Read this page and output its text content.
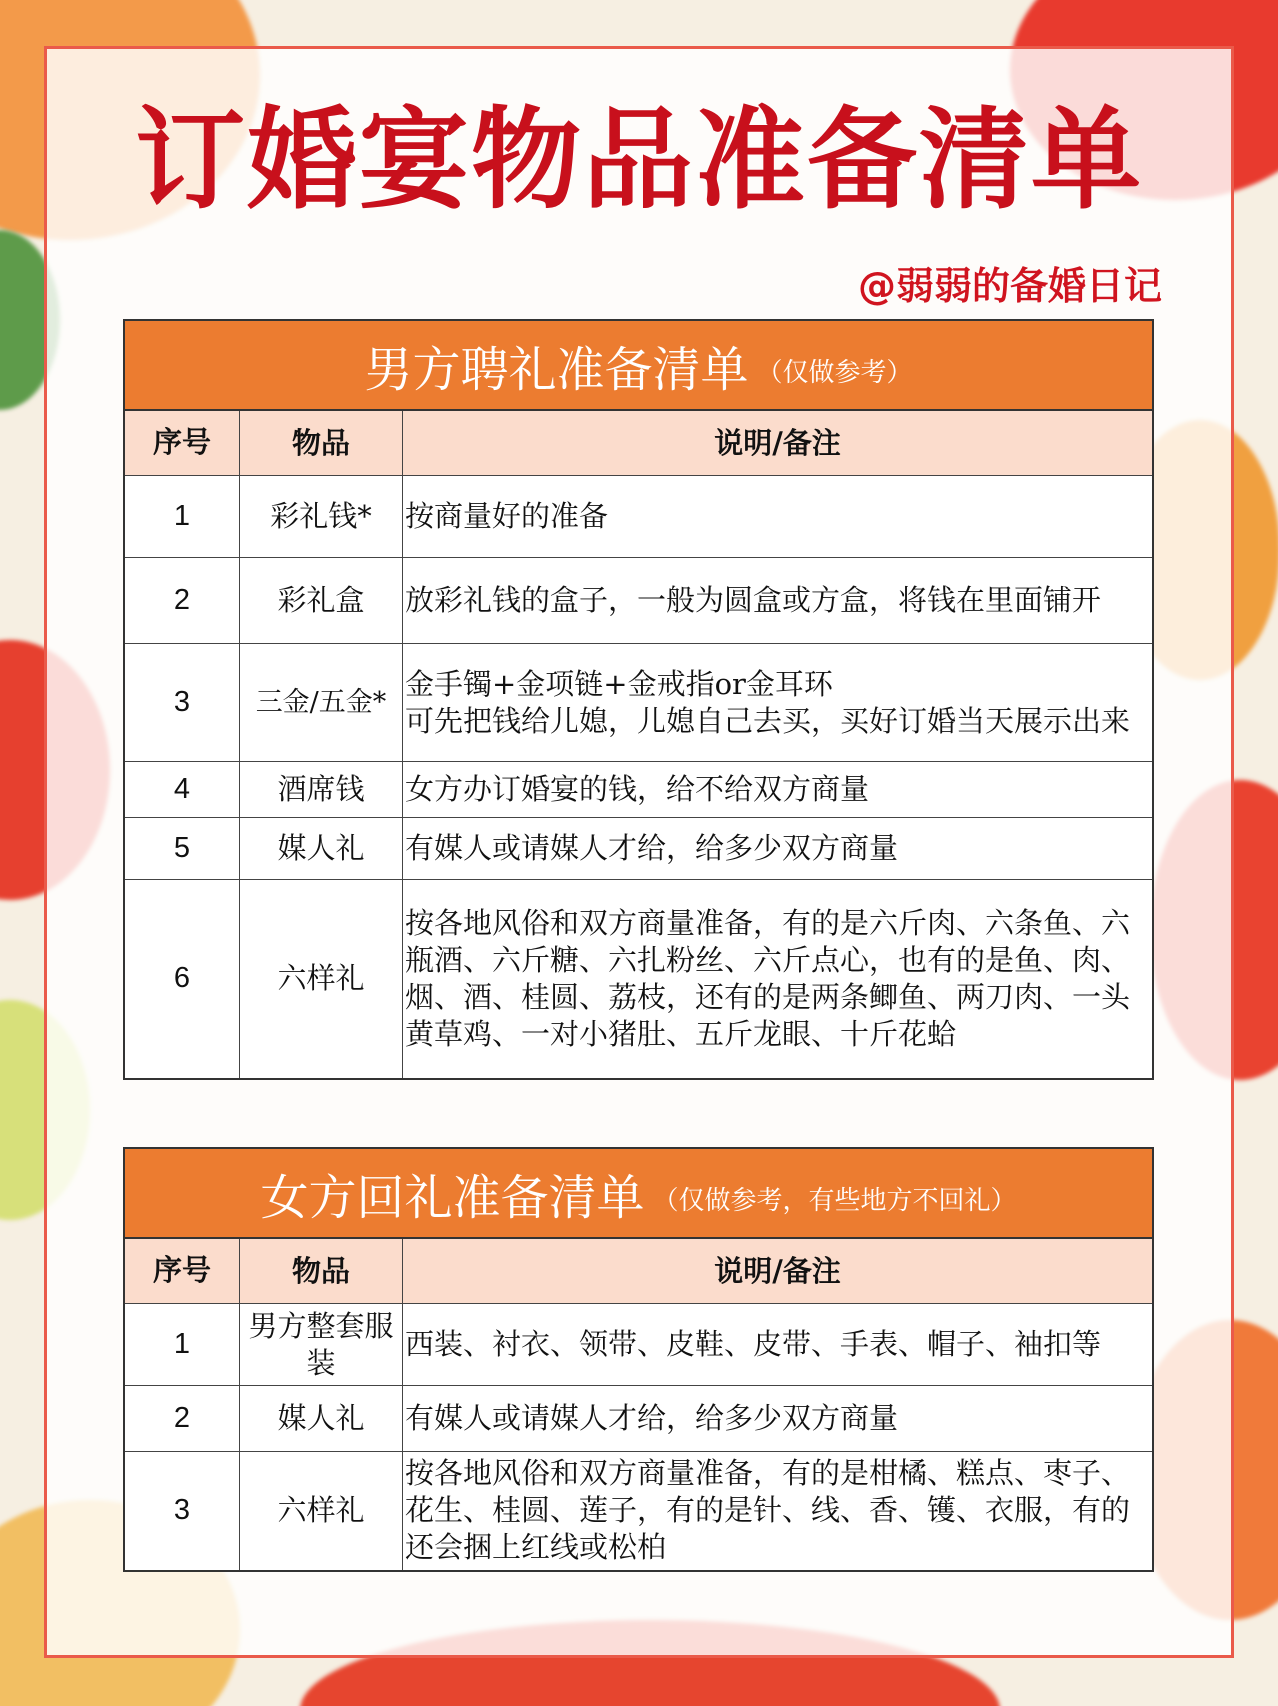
订婚宴物品准备清单
@弱弱的备婚日记
男方聘礼准备清单 （仅做参考）
序号	物品	说明/备注
1	彩礼钱*	按商量好的准备
2	彩礼盒	放彩礼钱的盒子，一般为圆盒或方盒，将钱在里面铺开
3	三金/五金*	金手镯+金项链+金戒指or金耳环
可先把钱给儿媳，儿媳自己去买，买好订婚当天展示出来
4	酒席钱	女方办订婚宴的钱，给不给双方商量
5	媒人礼	有媒人或请媒人才给，给多少双方商量
6	六样礼	按各地风俗和双方商量准备，有的是六斤肉、六条鱼、六瓶酒、六斤糖、六扎粉丝、六斤点心，也有的是鱼、肉、烟、酒、桂圆、荔枝，还有的是两条鲫鱼、两刀肉、一头黄草鸡、一对小猪肚、五斤龙眼、十斤花蛤
女方回礼准备清单 （仅做参考，有些地方不回礼）
序号	物品	说明/备注
1	男方整套服装	西装、衬衣、领带、皮鞋、皮带、手表、帽子、袖扣等
2	媒人礼	有媒人或请媒人才给，给多少双方商量
3	六样礼	按各地风俗和双方商量准备，有的是柑橘、糕点、枣子、花生、桂圆、莲子，有的是针、线、香、镬、衣服，有的还会捆上红线或松柏
